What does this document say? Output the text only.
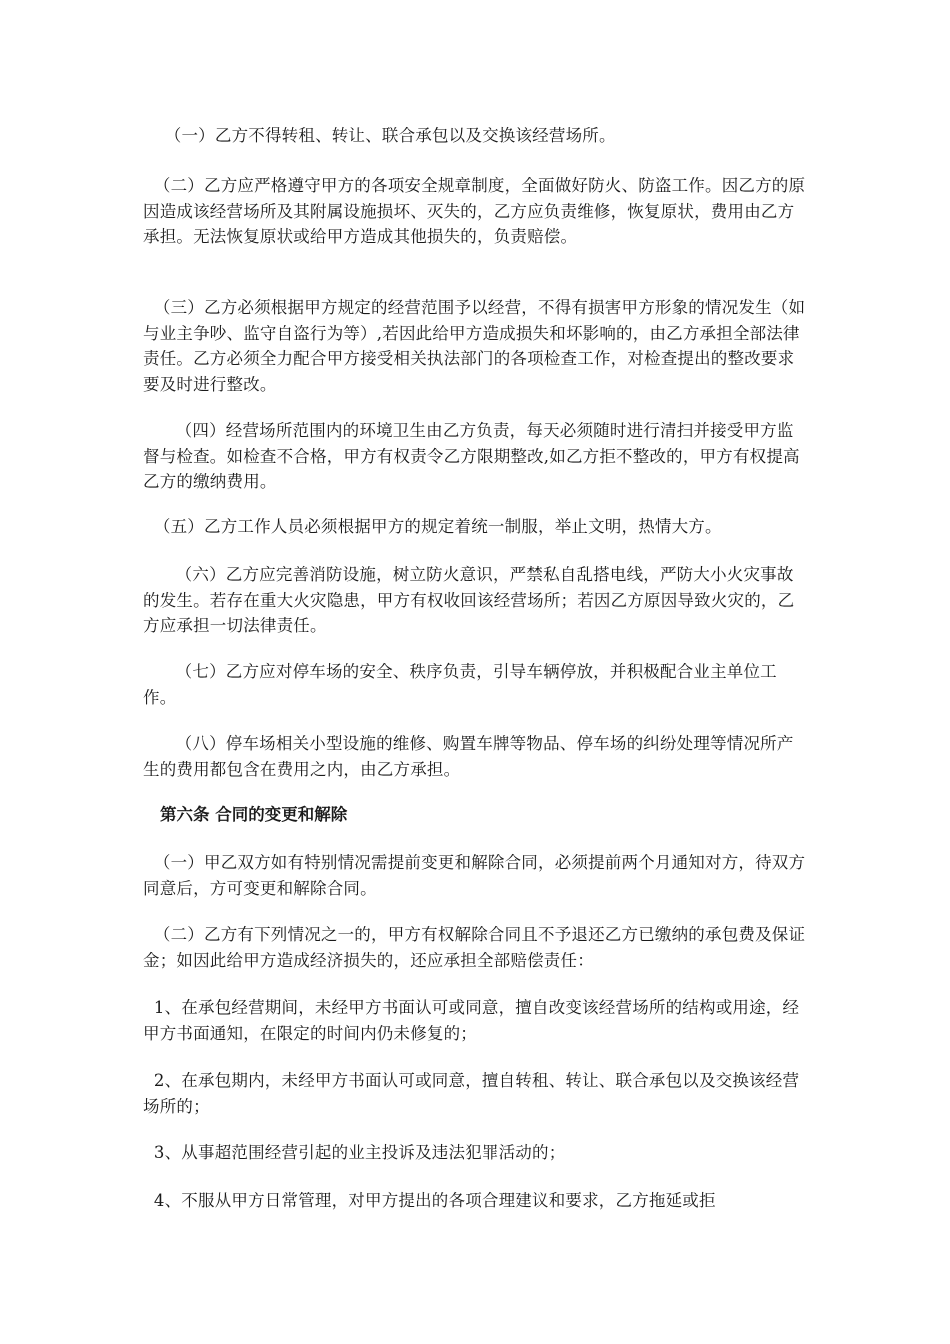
（一）乙方不得转租、转让、联合承包以及交换该经营场所。

（二）乙方应严格遵守甲方的各项安全规章制度，全面做好防火、防盗工作。因乙方的原因造成该经营场所及其附属设施损坏、灭失的，乙方应负责维修，恢复原状，费用由乙方承担。无法恢复原状或给甲方造成其他损失的，负责赔偿。

（三）乙方必须根据甲方规定的经营范围予以经营，不得有损害甲方形象的情况发生（如与业主争吵、监守自盗行为等）,若因此给甲方造成损失和坏影响的，由乙方承担全部法律责任。乙方必须全力配合甲方接受相关执法部门的各项检查工作，对检查提出的整改要求要及时进行整改。

（四）经营场所范围内的环境卫生由乙方负责，每天必须随时进行清扫并接受甲方监督与检查。如检查不合格，甲方有权责令乙方限期整改,如乙方拒不整改的，甲方有权提高乙方的缴纳费用。

（五）乙方工作人员必须根据甲方的规定着统一制服，举止文明，热情大方。

（六）乙方应完善消防设施，树立防火意识，严禁私自乱搭电线，严防大小火灾事故的发生。若存在重大火灾隐患，甲方有权收回该经营场所；若因乙方原因导致火灾的，乙方应承担一切法律责任。

（七）乙方应对停车场的安全、秩序负责，引导车辆停放，并积极配合业主单位工作。

（八）停车场相关小型设施的维修、购置车牌等物品、停车场的纠纷处理等情况所产生的费用都包含在费用之内，由乙方承担。

第六条 合同的变更和解除

（一）甲乙双方如有特别情况需提前变更和解除合同，必须提前两个月通知对方，待双方同意后，方可变更和解除合同。

（二）乙方有下列情况之一的，甲方有权解除合同且不予退还乙方已缴纳的承包费及保证金；如因此给甲方造成经济损失的，还应承担全部赔偿责任：

1、在承包经营期间，未经甲方书面认可或同意，擅自改变该经营场所的结构或用途，经甲方书面通知，在限定的时间内仍未修复的；

2、在承包期内，未经甲方书面认可或同意，擅自转租、转让、联合承包以及交换该经营场所的；

3、从事超范围经营引起的业主投诉及违法犯罪活动的；

4、不服从甲方日常管理，对甲方提出的各项合理建议和要求，乙方拖延或拒
